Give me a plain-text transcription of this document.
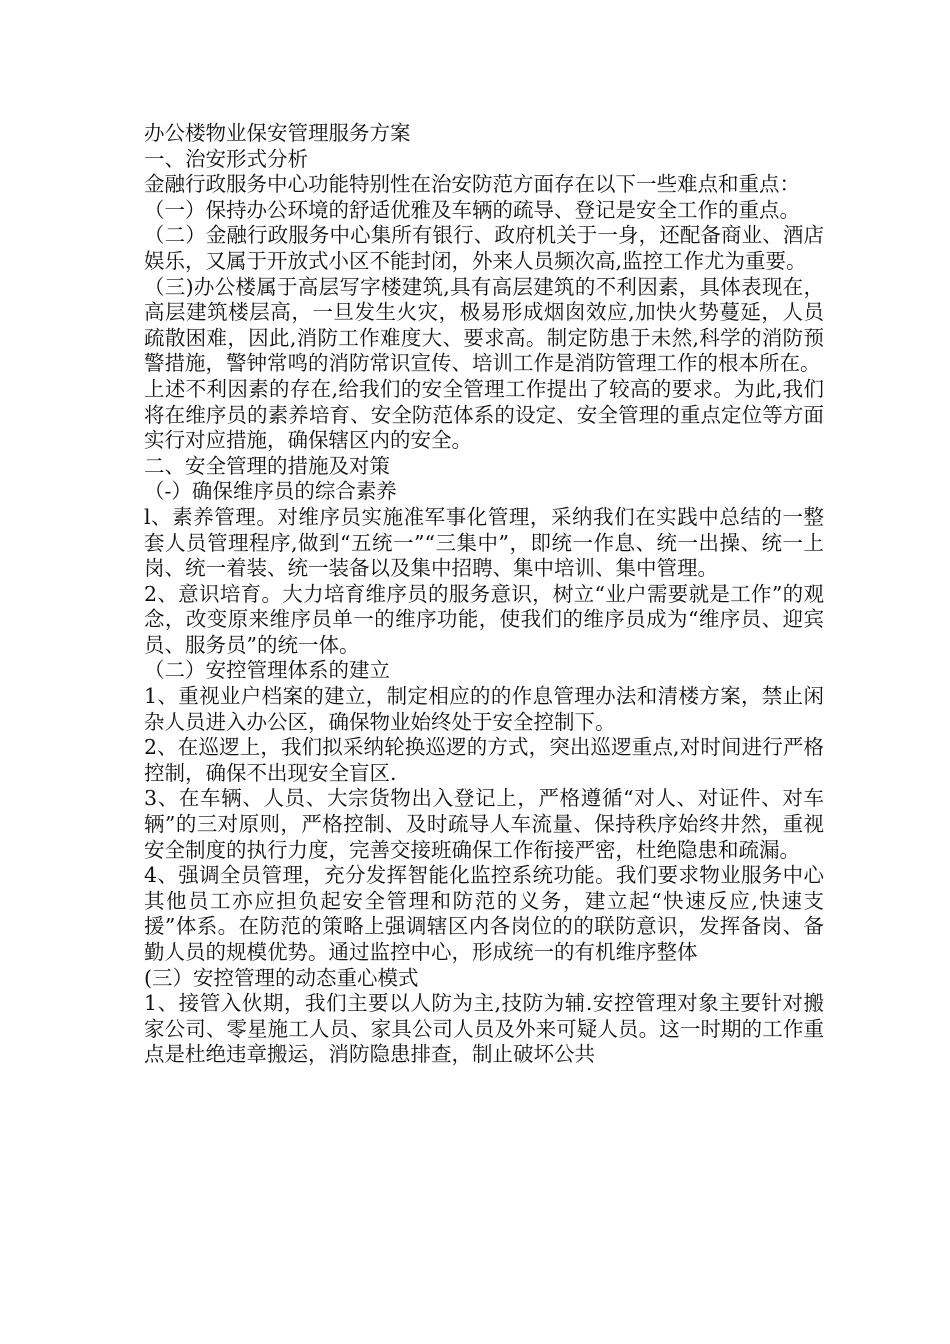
办公楼物业保安管理服务方案

一、治安形式分析

金融行政服务中心功能特别性在治安防范方面存在以下一些难点和重点：

（一）保持办公环境的舒适优雅及车辆的疏导、登记是安全工作的重点。

（二）金融行政服务中心集所有银行、政府机关于一身，还配备商业、酒店娱乐，又属于开放式小区不能封闭，外来人员频次高,监控工作尤为重要。

（三)办公楼属于高层写字楼建筑,具有高层建筑的不利因素，具体表现在，高层建筑楼层高，一旦发生火灾，极易形成烟囱效应,加快火势蔓延，人员疏散困难，因此,消防工作难度大、要求高。制定防患于未然,科学的消防预警措施，警钟常鸣的消防常识宣传、培训工作是消防管理工作的根本所在。

上述不利因素的存在,给我们的安全管理工作提出了较高的要求。为此,我们将在维序员的素养培育、安全防范体系的设定、安全管理的重点定位等方面实行对应措施，确保辖区内的安全。

二、安全管理的措施及对策

（-）确保维序员的综合素养

l、素养管理。对维序员实施准军事化管理，采纳我们在实践中总结的一整套人员管理程序,做到“五统一”“三集中”，即统一作息、统一出操、统一上岗、统一着装、统一装备以及集中招聘、集中培训、集中管理。

2、意识培育。大力培育维序员的服务意识，树立“业户需要就是工作”的观念，改变原来维序员单一的维序功能，使我们的维序员成为“维序员、迎宾员、服务员”的统一体。

（二）安控管理体系的建立

1、重视业户档案的建立，制定相应的的作息管理办法和清楼方案，禁止闲杂人员进入办公区，确保物业始终处于安全控制下。

2、在巡逻上，我们拟采纳轮换巡逻的方式，突出巡逻重点,对时间进行严格控制，确保不出现安全盲区.

3、在车辆、人员、大宗货物出入登记上，严格遵循“对人、对证件、对车辆”的三对原则，严格控制、及时疏导人车流量、保持秩序始终井然，重视安全制度的执行力度，完善交接班确保工作衔接严密，杜绝隐患和疏漏。

4、强调全员管理，充分发挥智能化监控系统功能。我们要求物业服务中心其他员工亦应担负起安全管理和防范的义务，建立起“快速反应,快速支援”体系。在防范的策略上强调辖区内各岗位的的联防意识，发挥备岗、备勤人员的规模优势。通过监控中心，形成统一的有机维序整体

(三）安控管理的动态重心模式

1、接管入伙期，我们主要以人防为主,技防为辅.安控管理对象主要针对搬家公司、零星施工人员、家具公司人员及外来可疑人员。这一时期的工作重点是杜绝违章搬运，消防隐患排查，制止破坏公共
